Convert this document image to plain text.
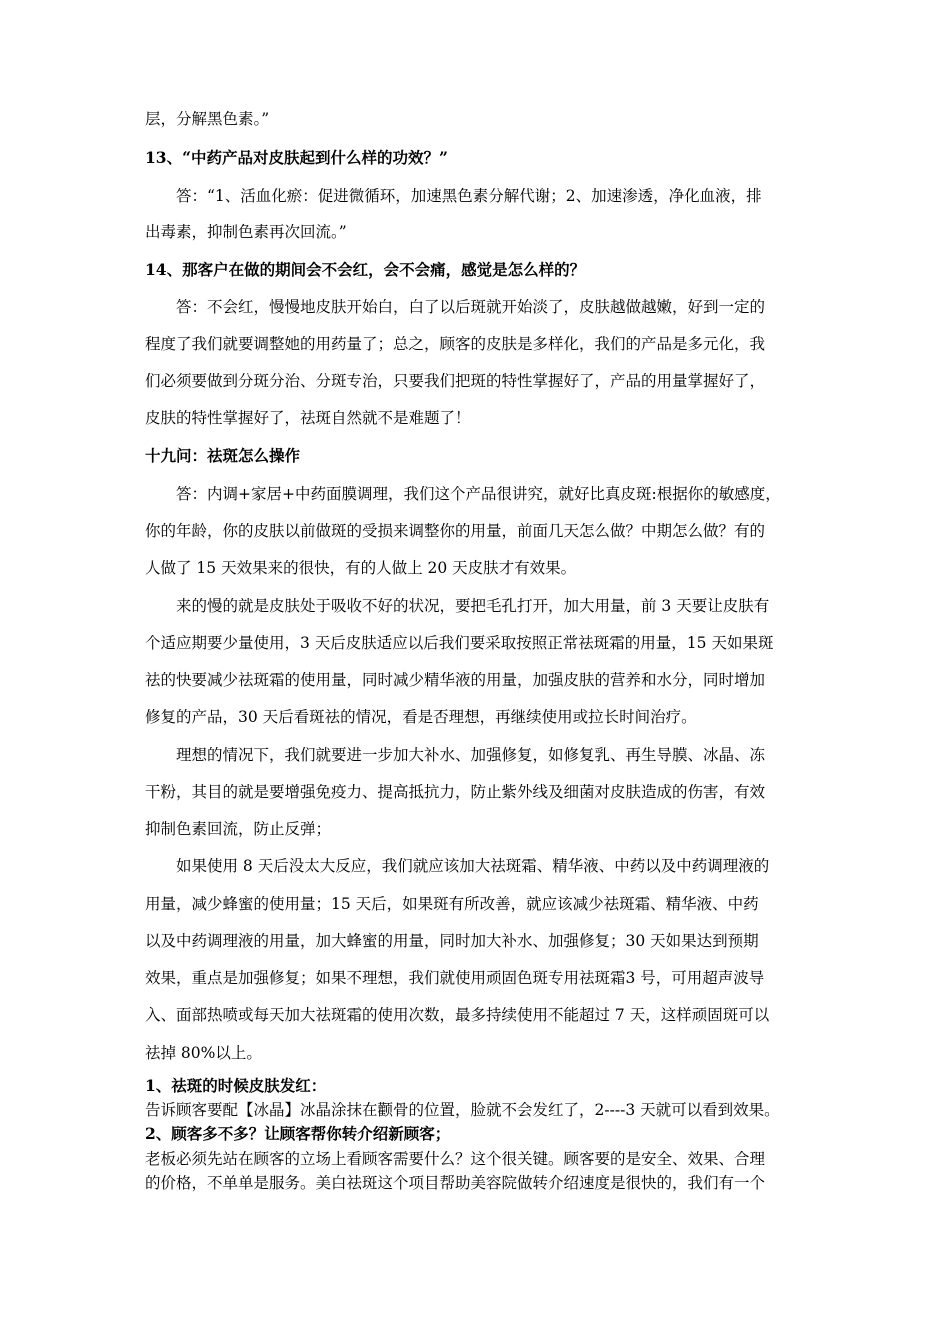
层，分解黑色素。”
13、“中药产品对皮肤起到什么样的功效？”
答：“1、活血化瘀：促进微循环，加速黑色素分解代谢；2、加速渗透，净化血液，排
出毒素，抑制色素再次回流。”
14、那客户在做的期间会不会红，会不会痛，感觉是怎么样的？
答：不会红，慢慢地皮肤开始白，白了以后斑就开始淡了，皮肤越做越嫩，好到一定的
程度了我们就要调整她的用药量了；总之，顾客的皮肤是多样化，我们的产品是多元化，我
们必须要做到分斑分治、分斑专治，只要我们把斑的特性掌握好了，产品的用量掌握好了，
皮肤的特性掌握好了，祛斑自然就不是难题了！
十九问：祛斑怎么操作
答：内调+家居+中药面膜调理，我们这个产品很讲究，就好比真皮斑:根据你的敏感度，
你的年龄，你的皮肤以前做斑的受损来调整你的用量，前面几天怎么做？中期怎么做？有的
人做了 15 天效果来的很快，有的人做上 20 天皮肤才有效果。
来的慢的就是皮肤处于吸收不好的状况，要把毛孔打开，加大用量，前 3 天要让皮肤有
个适应期要少量使用，3 天后皮肤适应以后我们要采取按照正常祛斑霜的用量，15 天如果斑
祛的快要减少祛斑霜的使用量，同时减少精华液的用量，加强皮肤的营养和水分，同时增加
修复的产品，30 天后看斑祛的情况，看是否理想，再继续使用或拉长时间治疗。
理想的情况下，我们就要进一步加大补水、加强修复，如修复乳、再生导膜、冰晶、冻
干粉，其目的就是要增强免疫力、提高抵抗力，防止紫外线及细菌对皮肤造成的伤害，有效
抑制色素回流，防止反弹；
如果使用 8 天后没太大反应，我们就应该加大祛斑霜、精华液、中药以及中药调理液的
用量，减少蜂蜜的使用量；15 天后，如果斑有所改善，就应该减少祛斑霜、精华液、中药
以及中药调理液的用量，加大蜂蜜的用量，同时加大补水、加强修复；30 天如果达到预期
效果，重点是加强修复；如果不理想，我们就使用顽固色斑专用祛斑霜3 号，可用超声波导
入、面部热喷或每天加大祛斑霜的使用次数，最多持续使用不能超过 7 天，这样顽固斑可以
祛掉 80%以上。
1、祛斑的时候皮肤发红：
告诉顾客要配【冰晶】冰晶涂抹在颧骨的位置，脸就不会发红了，2----3 天就可以看到效果。
2、顾客多不多？让顾客帮你转介绍新顾客；
老板必须先站在顾客的立场上看顾客需要什么？这个很关键。顾客要的是安全、效果、合理
的价格，不单单是服务。美白祛斑这个项目帮助美容院做转介绍速度是很快的，我们有一个
